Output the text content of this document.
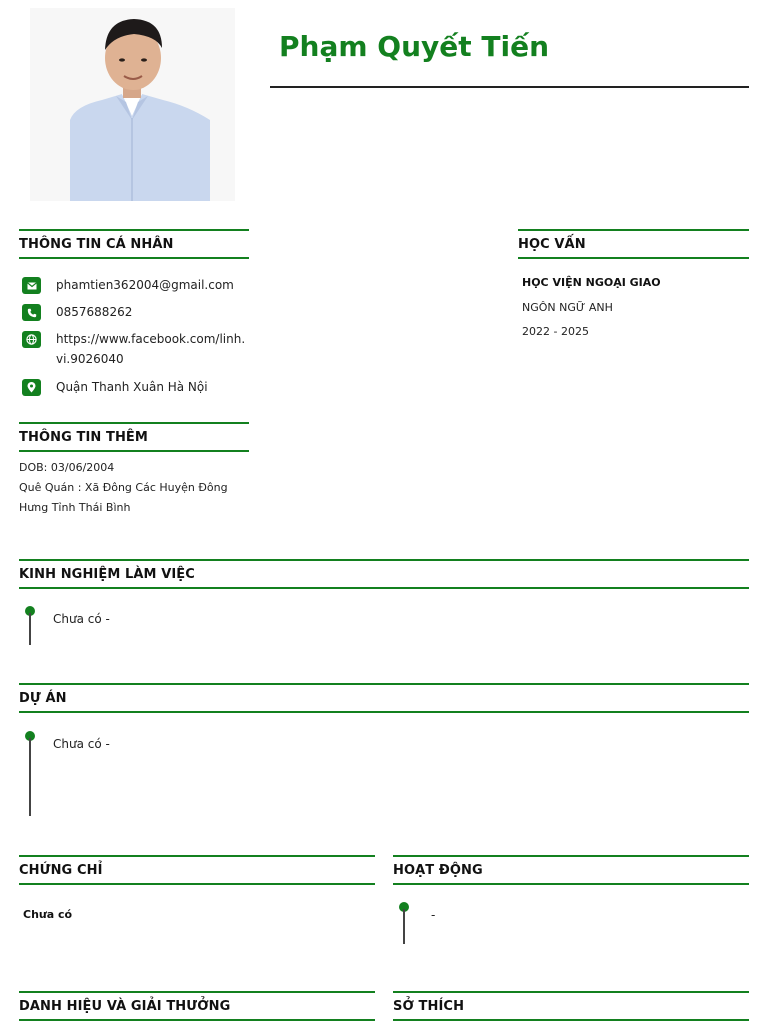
Phạm Quyết Tiến
THÔNG TIN CÁ NHÂN
phamtien362004@gmail.com
0857688262
https://www.facebook.com/linh.vi.9026040
Quận Thanh Xuân Hà Nội
HỌC VẤN
HỌC VIỆN NGOẠI GIAO
NGÔN NGỮ ANH
2022 - 2025
THÔNG TIN THÊM
DOB: 03/06/2004
Quê Quán : Xã Đông Các Huyện Đông Hưng Tỉnh Thái Bình
KINH NGHIỆM LÀM VIỆC
Chưa có -
DỰ ÁN
Chưa có -
CHỨNG CHỈ
Chưa có
HOẠT ĐỘNG
-
DANH HIỆU VÀ GIẢI THƯỞNG	SỞ THÍCH
